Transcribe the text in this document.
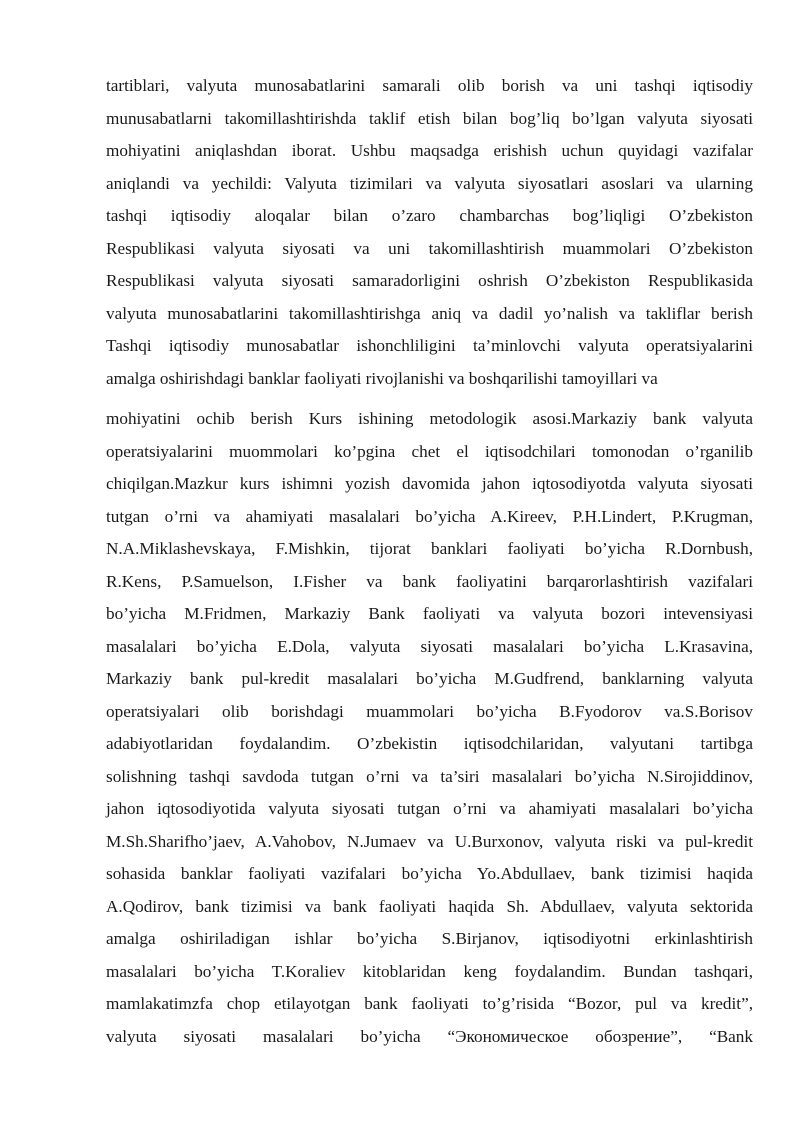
tartiblari, valyuta munosabatlarini samarali olib borish va uni tashqi iqtisodiy
munusabatlarni takomillashtirishda taklif etish bilan bog’liq bo’lgan valyuta siyosati
mohiyatini aniqlashdan iborat. Ushbu maqsadga erishish uchun quyidagi vazifalar
aniqlandi va yechildi: Valyuta tizimilari va valyuta siyosatlari asoslari va ularning
tashqi iqtisodiy aloqalar bilan o’zaro chambarchas bog’liqligi O’zbekiston
Respublikasi valyuta siyosati va uni takomillashtirish muammolari O’zbekiston
Respublikasi valyuta siyosati samaradorligini oshrish O’zbekiston Respublikasida
valyuta munosabatlarini takomillashtirishga aniq va dadil yo’nalish va takliflar berish
Tashqi iqtisodiy munosabatlar ishonchliligini ta’minlovchi valyuta operatsiyalarini
amalga oshirishdagi banklar faoliyati rivojlanishi va boshqarilishi tamoyillari va
mohiyatini ochib berish Kurs ishining metodologik asosi.Markaziy bank valyuta
operatsiyalarini muommolari ko’pgina chet el iqtisodchilari tomonodan o’rganilib
chiqilgan.Mazkur kurs ishimni yozish davomida jahon iqtosodiyotda valyuta siyosati
tutgan o’rni va ahamiyati masalalari bo’yicha A.Kireev, P.H.Lindert, P.Krugman,
N.A.Miklashevskaya, F.Mishkin, tijorat banklari faoliyati bo’yicha R.Dornbush,
R.Kens, P.Samuelson, I.Fisher va bank faoliyatini barqarorlashtirish vazifalari
bo’yicha M.Fridmen, Markaziy Bank faoliyati va valyuta bozori intevensiyasi
masalalari bo’yicha E.Dola, valyuta siyosati masalalari bo’yicha L.Krasavina,
Markaziy bank pul-kredit masalalari bo’yicha M.Gudfrend, banklarning valyuta
operatsiyalari olib borishdagi muammolari bo’yicha B.Fyodorov va.S.Borisov
adabiyotlaridan foydalandim. O’zbekistin iqtisodchilaridan, valyutani tartibga
solishning tashqi savdoda tutgan o’rni va ta’siri masalalari bo’yicha N.Sirojiddinov,
jahon iqtosodiyotida valyuta siyosati tutgan o’rni va ahamiyati masalalari bo’yicha
M.Sh.Sharifho’jaev, A.Vahobov, N.Jumaev va U.Burxonov, valyuta riski va pul-kredit
sohasida banklar faoliyati vazifalari bo’yicha Yo.Abdullaev, bank tizimisi haqida
A.Qodirov, bank tizimisi va bank faoliyati haqida Sh. Abdullaev, valyuta sektorida
amalga oshiriladigan ishlar bo’yicha S.Birjanov, iqtisodiyotni erkinlashtirish
masalalari bo’yicha T.Koraliev kitoblaridan keng foydalandim. Bundan tashqari,
mamlakatimzfa chop etilayotgan bank faoliyati to’g’risida “Bozor, pul va kredit”,
valyuta siyosati masalalari bo’yicha “Экономическое обозрение”, “Bank
